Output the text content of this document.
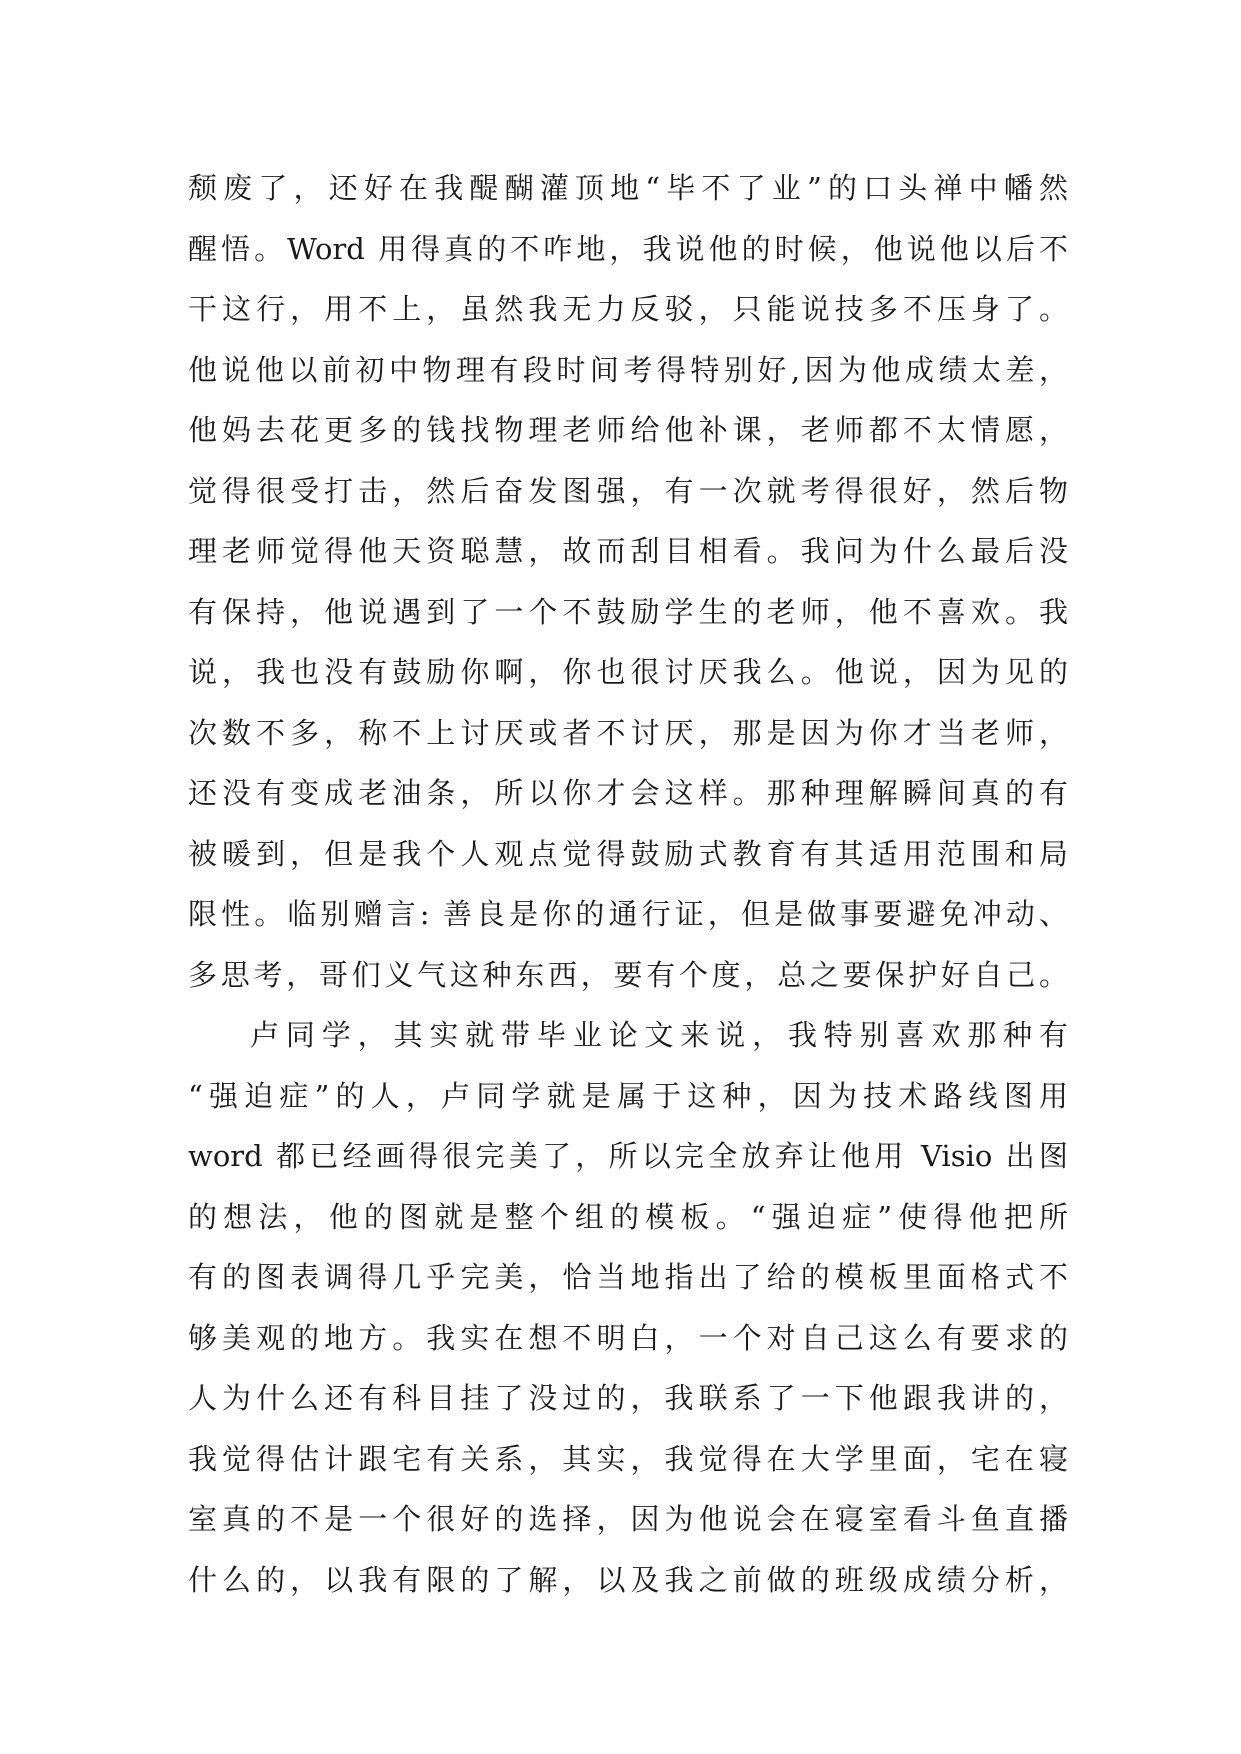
颓废了，还好在我醍醐灌顶地“毕不了业”的口头禅中幡然
醒悟。Word 用得真的不咋地，我说他的时候，他说他以后不
干这行，用不上，虽然我无力反驳，只能说技多不压身了。
他说他以前初中物理有段时间考得特别好,因为他成绩太差，
他妈去花更多的钱找物理老师给他补课，老师都不太情愿，
觉得很受打击，然后奋发图强，有一次就考得很好，然后物
理老师觉得他天资聪慧，故而刮目相看。我问为什么最后没
有保持，他说遇到了一个不鼓励学生的老师，他不喜欢。我
说，我也没有鼓励你啊，你也很讨厌我么。他说，因为见的
次数不多，称不上讨厌或者不讨厌，那是因为你才当老师，
还没有变成老油条，所以你才会这样。那种理解瞬间真的有
被暖到，但是我个人观点觉得鼓励式教育有其适用范围和局
限性。临别赠言: 善良是你的通行证，但是做事要避免冲动、
多思考，哥们义气这种东西，要有个度，总之要保护好自己。
卢同学，其实就带毕业论文来说，我特别喜欢那种有
“强迫症”的人，卢同学就是属于这种，因为技术路线图用
word 都已经画得很完美了，所以完全放弃让他用 Visio 出图
的想法，他的图就是整个组的模板。“强迫症”使得他把所
有的图表调得几乎完美，恰当地指出了给的模板里面格式不
够美观的地方。我实在想不明白，一个对自己这么有要求的
人为什么还有科目挂了没过的，我联系了一下他跟我讲的，
我觉得估计跟宅有关系，其实，我觉得在大学里面，宅在寝
室真的不是一个很好的选择，因为他说会在寝室看斗鱼直播
什么的，以我有限的了解，以及我之前做的班级成绩分析，
